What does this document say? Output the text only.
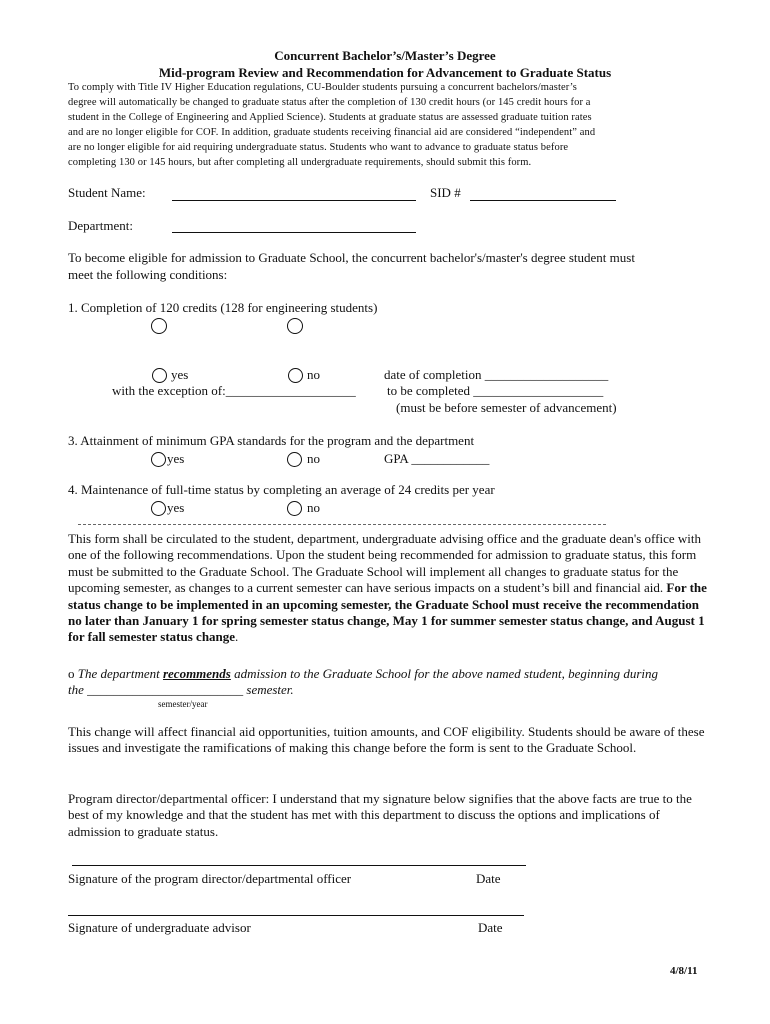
Concurrent Bachelor’s/Master’s Degree
Mid-program Review and Recommendation for Advancement to Graduate Status
To comply with Title IV Higher Education regulations, CU-Boulder students pursuing a concurrent bachelors/master’s
degree will automatically be changed to graduate status after the completion of 130 credit hours (or 145 credit hours for a
student in the College of Engineering and Applied Science). Students at graduate status are assessed graduate tuition rates
and are no longer eligible for COF. In addition, graduate students receiving financial aid are considered “independent” and
are no longer eligible for aid requiring undergraduate status. Students who want to advance to graduate status before
completing 130 or 145 hours, but after completing all undergraduate requirements, should submit this form.
Student Name:	SID #
Department:
To become eligible for admission to Graduate School, the concurrent bachelor's/master's degree student must
meet the following conditions:
1. Completion of 120 credits (128 for engineering students)
yes	no	date of completion ___________________
with the exception of:____________________ to be completed ____________________
(must be before semester of advancement)
3. Attainment of minimum GPA standards for the program and the department
yes	no	GPA ____________
4. Maintenance of full-time status by completing an average of 24 credits per year
yes	no
This form shall be circulated to the student, department, undergraduate advising office and the graduate dean's office with one of the following recommendations. Upon the student being recommended for admission to graduate status, this form must be submitted to the Graduate School. The Graduate School will implement all changes to graduate status for the upcoming semester, as changes to a current semester can have serious impacts on a student’s bill and financial aid. For the status change to be implemented in an upcoming semester, the Graduate School must receive the recommendation no later than January 1 for spring semester status change, May 1 for summer semester status change, and August 1 for fall semester status change.
o The department recommends admission to the Graduate School for the above named student, beginning during
the ________________________ semester.
semester/year
This change will affect financial aid opportunities, tuition amounts, and COF eligibility. Students should be aware of these issues and investigate the ramifications of making this change before the form is sent to the Graduate School.
Program director/departmental officer: I understand that my signature below signifies that the above facts are true to the best of my knowledge and that the student has met with this department to discuss the options and implications of admission to graduate status.
Signature of the program director/departmental officer	Date
Signature of undergraduate advisor	Date
4/8/11
